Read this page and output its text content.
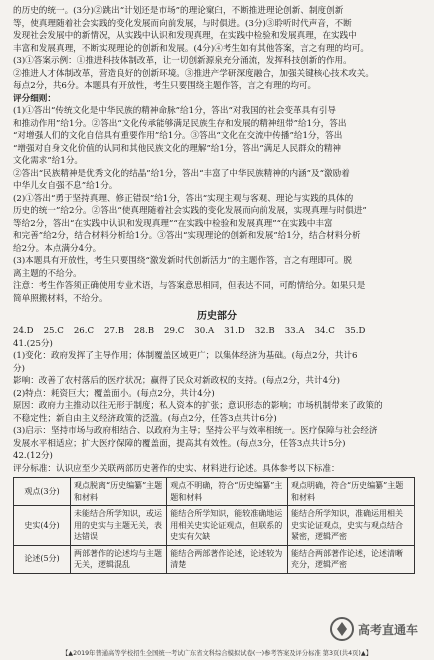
的历史的统一。(3分)②跳出“计划还是市场”的理论窠臼，不断推进理论创新、制度创新

等，使真理随着社会实践的变化发展而向前发展，与时俱进。(3分)③聆听时代声音，不断

发现社会发展中的新情况，从实践中认识和发现真理，在实践中检验和发展真理，在实践中

丰富和发展真理，不断实现理论的创新和发展。(4分)④考生如有其他答案，言之有理的均可。

(3)①答案示例：①推进科技体制改革，让一切创新源泉充分涌流，发挥科技创新的作用。

②推进人才体制改革，营造良好的创新环境。③推进产学研深度融合，加强关键核心技术攻关。

每点2分，共6分。本题具有开放性，考生只要围绕主题作答，言之有理的均可。

评分细则：

(1)①答出“传统文化是中华民族的精神命脉”给1分，答出“对我国的社会变革具有引导

和推动作用”给1分。②答出“文化传承能够满足民族生存和发展的精神纽带”给1分，答出

“对增强人们的文化自信具有重要作用”给1分。③答出“文化在交流中传播”给1分，答出

“增强对自身文化价值的认同和其他民族文化的理解”给1分，答出“满足人民群众的精神

文化需求”给1分。

②答出“民族精神是优秀文化的结晶”给1分，答出“丰富了中华民族精神的内涵”及“激励着

中华儿女自强不息”给1分。

(2)①答出“勇于坚持真理、修正错误”给1分，答出“实现主观与客观、理论与实践的具体的

历史的统一”给2分。②答出“使真理随着社会实践的变化发展而向前发展，实现真理与时俱进”

等给2分，答出“在实践中认识和发现真理”“在实践中检验和发展真理”“在实践中丰富

和完善”给2分，结合材料分析给1分。③答出“实现理论的创新和发展”给1分，结合材料分析

给2分。本点满分4分。

(3)本题具有开放性，考生只要围绕“激发新时代创新活力”的主题作答，言之有理即可。脱

离主题的不给分。

注意：考生作答须正确使用专业术语，与答案意思相同，但表达不同，可酌情给分。如果只是

简单照搬材料，不给分。

历史部分
24.D 25.C 26.C 27.B 28.B 29.C 30.A 31.D 32.B 33.A 34.C 35.D

41.(25分)

(1)变化：政府发挥了主导作用；体制覆盖区域更广；以集体经济为基础。(每点2分，共计6

分)

影响：改善了农村落后的医疗状况；赢得了民众对新政权的支持。(每点2分，共计4分)

(2)特点：耗资巨大；覆盖面小。(每点2分，共计4分)

原因：政府力主推动以往无形于制度；私人资本的扩张；意识形态的影响；市场机制带来了政策的

不稳定性；新自由主义经济政策的泛滥。(每点2分，任答3点共计6分)

(3)启示：坚持市场与政府相结合、以政府为主导；坚持公平与效率相统一。医疗保障与社会经济

发展水平相适应；扩大医疗保障的覆盖面，提高其有效性。(每点3分，任答3点共计5分)

42.(12分)

评分标准：认识应至少关联两部历史著作的史实、材料进行论述。具体参考以下标准：

观点(3分)	观点脱离“历史编纂”主题和材料	观点不明确，符合“历史编纂”主题和材料	观点明确，符合“历史编纂”主题和材料
史实(4分)	未能结合所学知识，或运用的史实与主题无关，表达错误	能结合所学知识，能较准确地运用相关史实论证观点，但联系的史实有欠缺	能结合所学知识，准确运用相关史实论证观点，史实与观点结合紧密，逻辑严密
论述(5分)	两部著作的论述均与主题无关，逻辑混乱	能结合两部著作论述，论述较为清楚	能结合两部著作论述，论述清晰充分，逻辑严密
高考直通车
【▲2019年普通高等学校招生全国统一考试广东省文科综合模拟试卷(一)参考答案及评分标准 第3页(共4页)▲】
